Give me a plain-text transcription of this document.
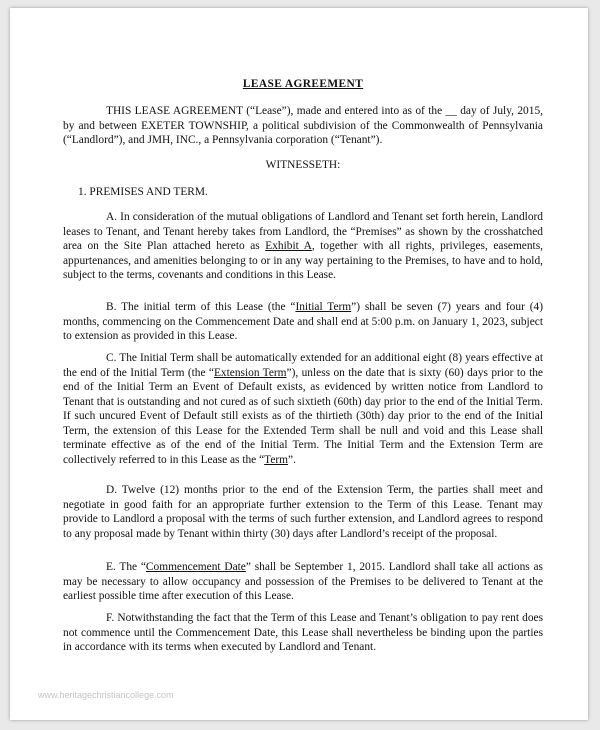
LEASE AGREEMENT

THIS LEASE AGREEMENT (“Lease”), made and entered into as of the __ day of July, 2015, by and between EXETER TOWNSHIP, a political subdivision of the Commonwealth of Pennsylvania (“Landlord”), and JMH, INC., a Pennsylvania corporation (“Tenant”).

WITNESSETH:
1. PREMISES AND TERM.

A. In consideration of the mutual obligations of Landlord and Tenant set forth herein, Landlord leases to Tenant, and Tenant hereby takes from Landlord, the “Premises” as shown by the crosshatched area on the Site Plan attached hereto as Exhibit A, together with all rights, privileges, easements, appurtenances, and amenities belonging to or in any way pertaining to the Premises, to have and to hold, subject to the terms, covenants and conditions in this Lease.

B. The initial term of this Lease (the “Initial Term”) shall be seven (7) years and four (4) months, commencing on the Commencement Date and shall end at 5:00 p.m. on January 1, 2023, subject to extension as provided in this Lease.

C. The Initial Term shall be automatically extended for an additional eight (8) years effective at the end of the Initial Term (the “Extension Term”), unless on the date that is sixty (60) days prior to the end of the Initial Term an Event of Default exists, as evidenced by written notice from Landlord to Tenant that is outstanding and not cured as of such sixtieth (60th) day prior to the end of the Initial Term. If such uncured Event of Default still exists as of the thirtieth (30th) day prior to the end of the Initial Term, the extension of this Lease for the Extended Term shall be null and void and this Lease shall terminate effective as of the end of the Initial Term. The Initial Term and the Extension Term are collectively referred to in this Lease as the “Term”.

D. Twelve (12) months prior to the end of the Extension Term, the parties shall meet and negotiate in good faith for an appropriate further extension to the Term of this Lease. Tenant may provide to Landlord a proposal with the terms of such further extension, and Landlord agrees to respond to any proposal made by Tenant within thirty (30) days after Landlord’s receipt of the proposal.

E. The “Commencement Date” shall be September 1, 2015. Landlord shall take all actions as may be necessary to allow occupancy and possession of the Premises to be delivered to Tenant at the earliest possible time after execution of this Lease.

F. Notwithstanding the fact that the Term of this Lease and Tenant’s obligation to pay rent does not commence until the Commencement Date, this Lease shall nevertheless be binding upon the parties in accordance with its terms when executed by Landlord and Tenant.

www.heritagechristiancollege.com
